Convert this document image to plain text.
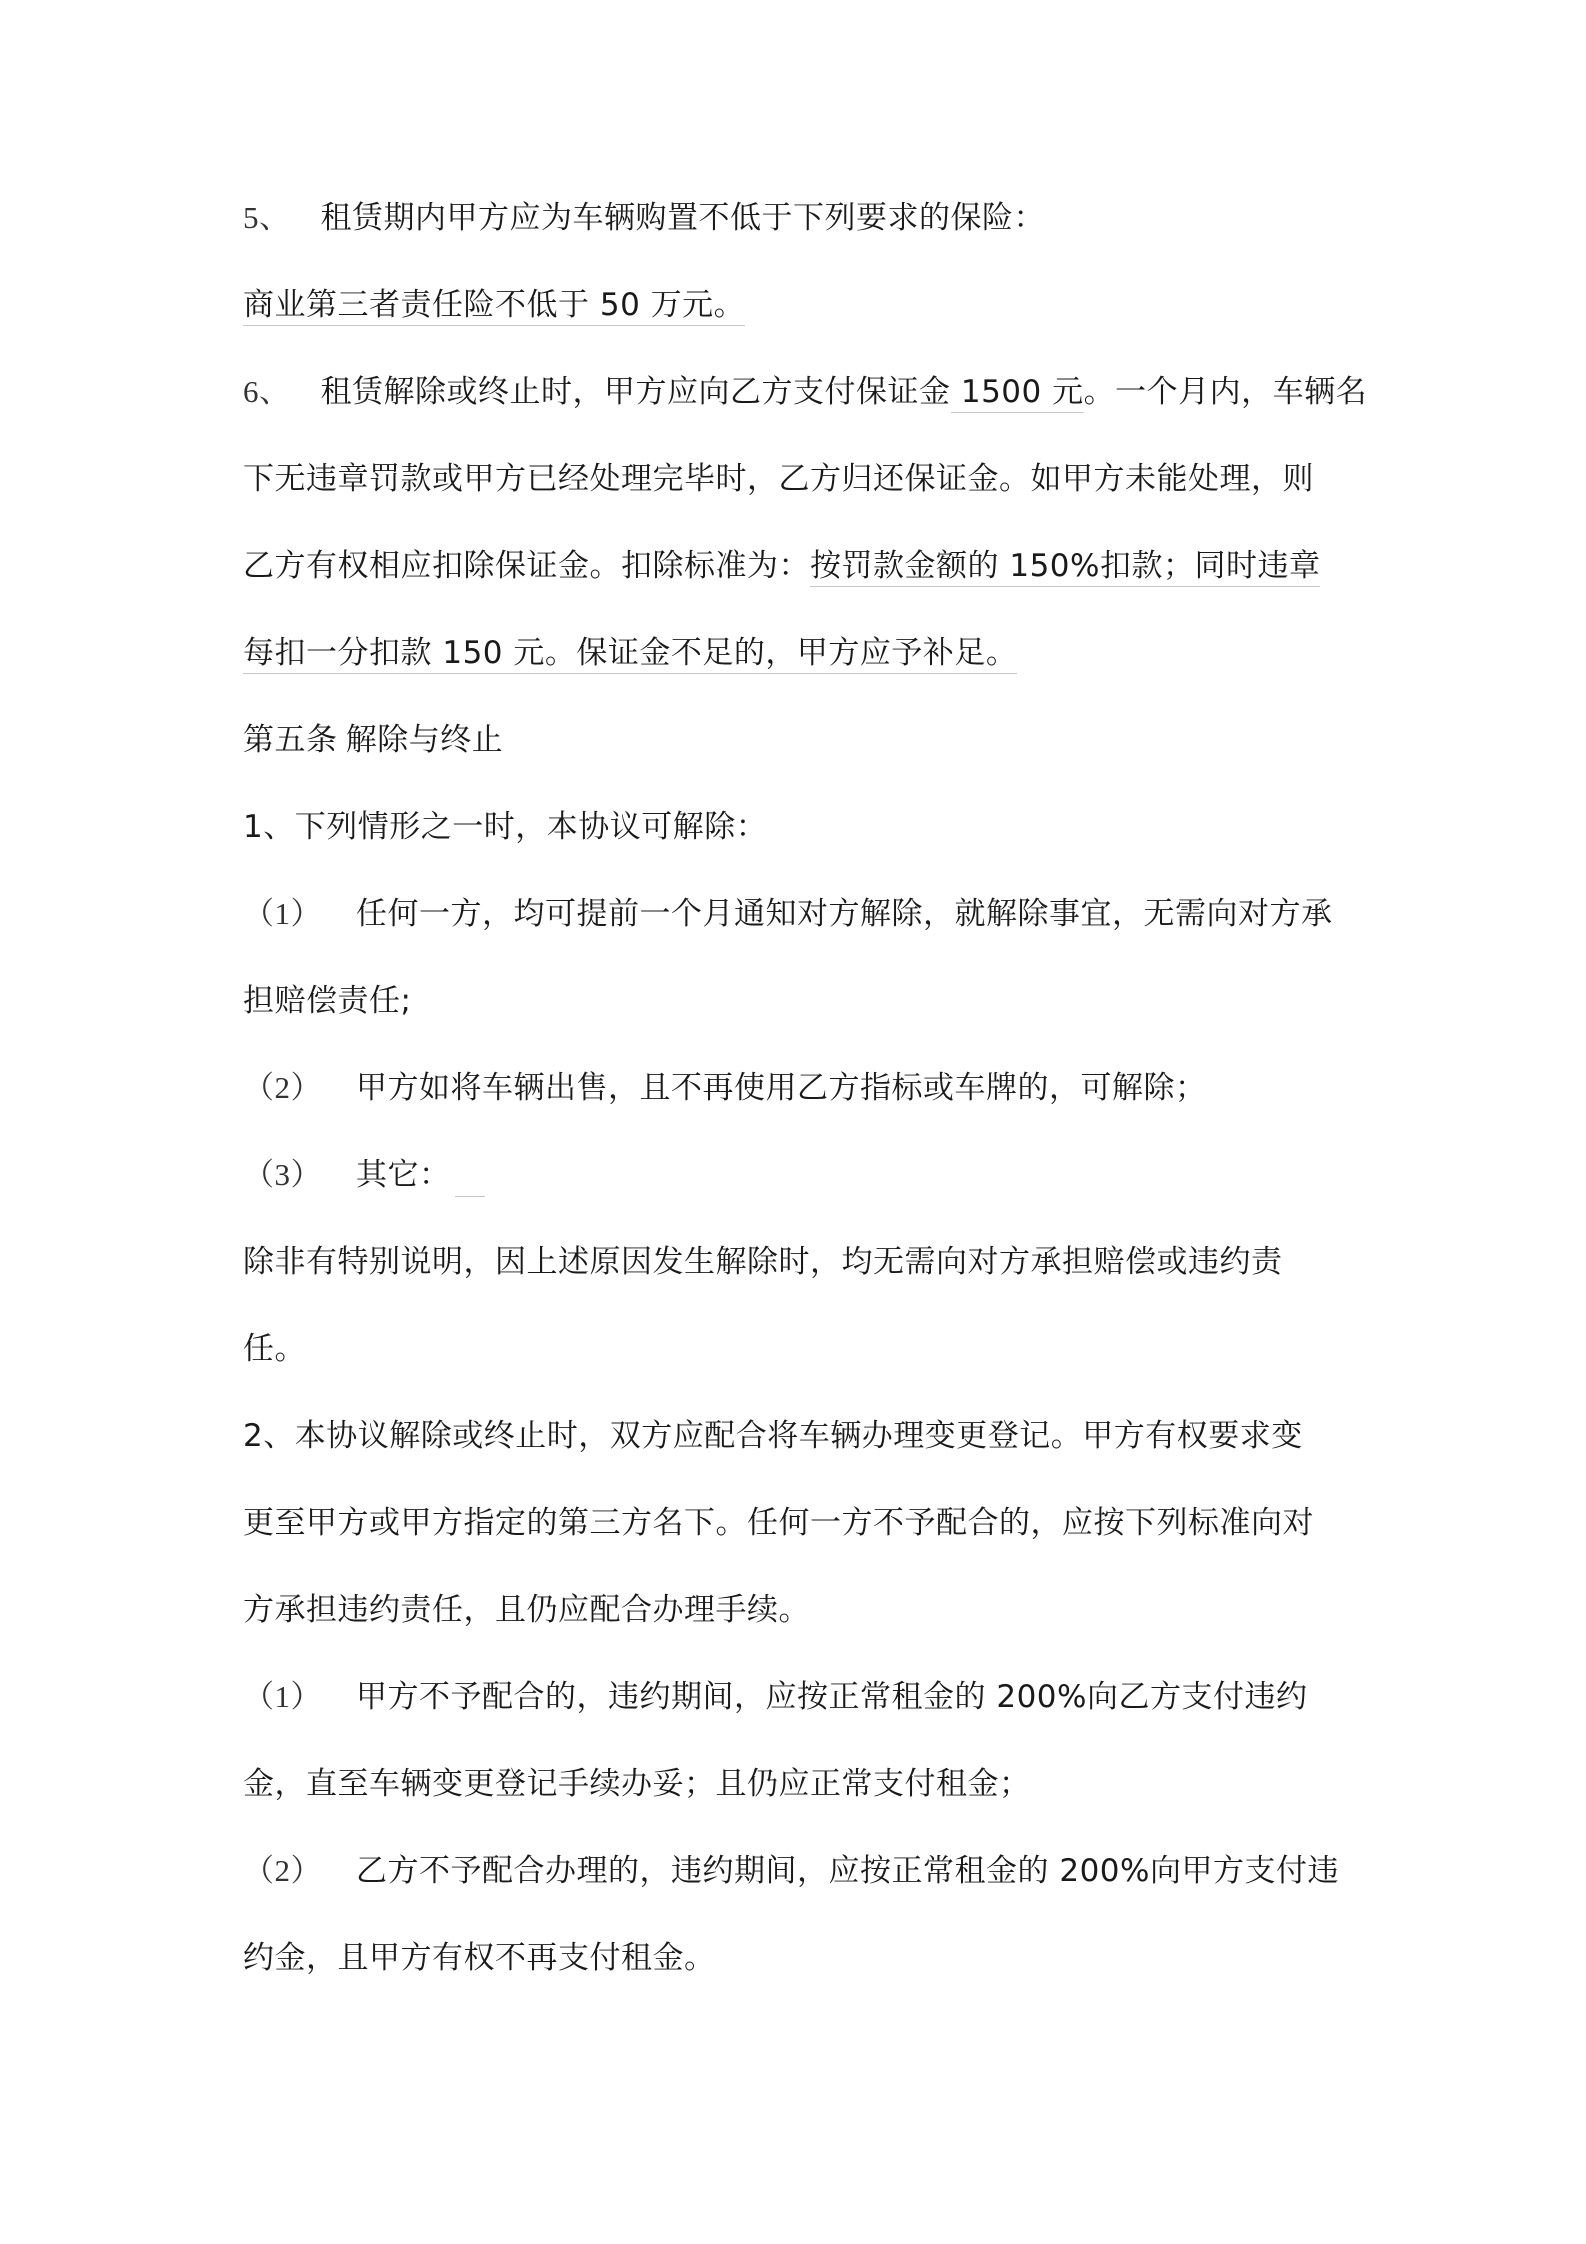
5、 租赁期内甲方应为车辆购置不低于下列要求的保险：
商业第三者责任险不低于 50 万元。
6、 租赁解除或终止时，甲方应向乙方支付保证金 1500 元。一个月内，车辆名
下无违章罚款或甲方已经处理完毕时，乙方归还保证金。如甲方未能处理，则
乙方有权相应扣除保证金。扣除标准为：按罚款金额的 150%扣款；同时违章
每扣一分扣款 150 元。保证金不足的，甲方应予补足。
第五条 解除与终止
1、下列情形之一时，本协议可解除：
（1） 任何一方，均可提前一个月通知对方解除，就解除事宜，无需向对方承
担赔偿责任;
（2） 甲方如将车辆出售，且不再使用乙方指标或车牌的，可解除；
（3） 其它：
除非有特别说明，因上述原因发生解除时，均无需向对方承担赔偿或违约责
任。
2、本协议解除或终止时，双方应配合将车辆办理变更登记。甲方有权要求变
更至甲方或甲方指定的第三方名下。任何一方不予配合的，应按下列标准向对
方承担违约责任，且仍应配合办理手续。
（1） 甲方不予配合的，违约期间，应按正常租金的 200%向乙方支付违约
金，直至车辆变更登记手续办妥；且仍应正常支付租金；
（2） 乙方不予配合办理的，违约期间，应按正常租金的 200%向甲方支付违
约金，且甲方有权不再支付租金。
